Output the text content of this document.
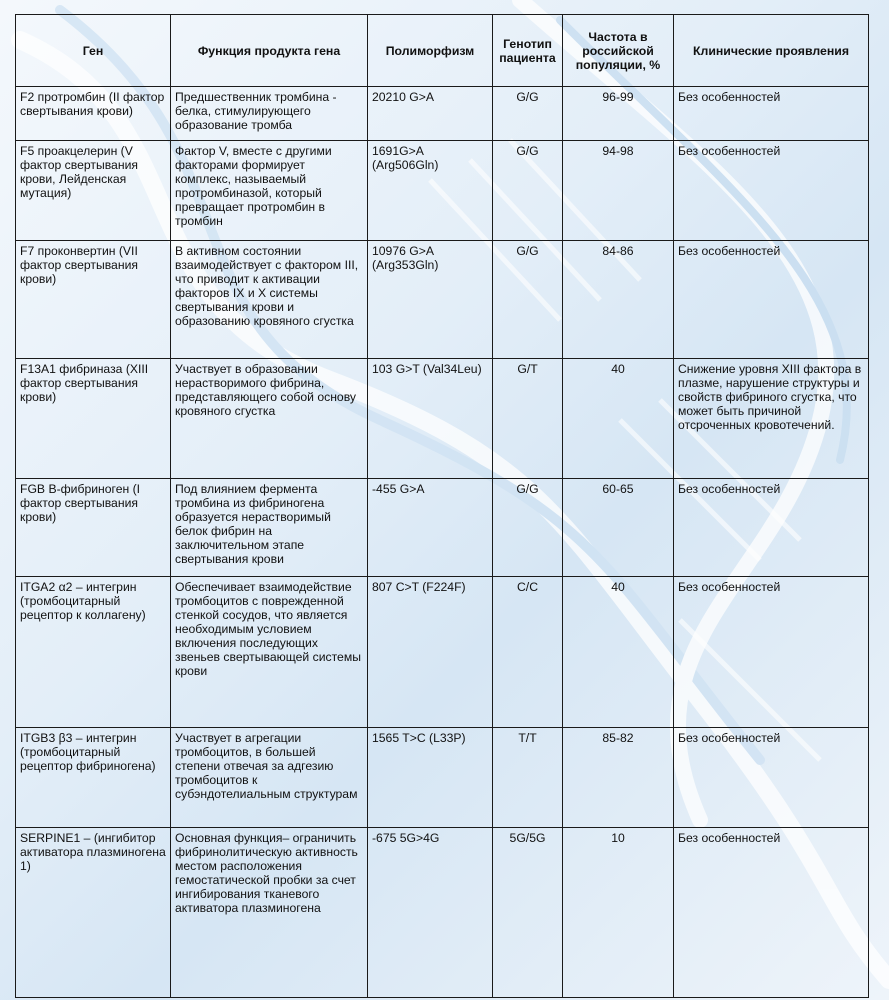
Ген	Функция продукта гена	Полиморфизм	Генотип пациента	Частота в российской популяции, %	Клинические проявления
F2 протромбин (II фактор свертывания крови)	Предшественник тромбина - белка, стимулирующего образование тромба	20210 G>A	G/G	96-99	Без особенностей
F5 проакцелерин (V фактор свертывания крови, Лейденская мутация)	Фактор V, вместе с другими факторами формирует комплекс, называемый протромбиназой, который превращает протромбин в тромбин	1691G>A (Arg506Gln)	G/G	94-98	Без особенностей
F7 проконвертин (VII фактор свертывания крови)	В активном состоянии взаимодействует с фактором III, что приводит к активации факторов IX и X системы свертывания крови и образованию кровяного сгустка	10976 G>A (Arg353Gln)	G/G	84-86	Без особенностей
F13A1 фибриназа (XIII фактор свертывания крови)	Участвует в образовании нерастворимого фибрина, представляющего собой основу кровяного сгустка	103 G>T (Val34Leu)	G/T	40	Снижение уровня XIII фактора в плазме, нарушение структуры и свойств фибриного сгустка, что может быть причиной отсроченных кровотечений.
FGB B-фибриноген (I фактор свертывания крови)	Под влиянием фермента тромбина из фибриногена образуется нерастворимый белок фибрин на заключительном этапе свертывания крови	-455 G>A	G/G	60-65	Без особенностей
ITGA2 α2 – интегрин (тромбоцитарный рецептор к коллагену)	Обеспечивает взаимодействие тромбоцитов с поврежденной стенкой сосудов, что является необходимым условием включения последующих звеньев свертывающей системы крови	807 C>T (F224F)	C/C	40	Без особенностей
ITGB3 β3 – интегрин (тромбоцитарный рецептор фибриногена)	Участвует в агрегации тромбоцитов, в большей степени отвечая за адгезию тромбоцитов к субэндотелиальным структурам	1565 T>C (L33P)	T/T	85-82	Без особенностей
SERPINE1 – (ингибитор активатора плазминогена 1)	Основная функция– ограничить фибринолитическую активность местом расположения гемостатической пробки за счет ингибирования тканевого активатора плазминогена	-675 5G>4G	5G/5G	10	Без особенностей
